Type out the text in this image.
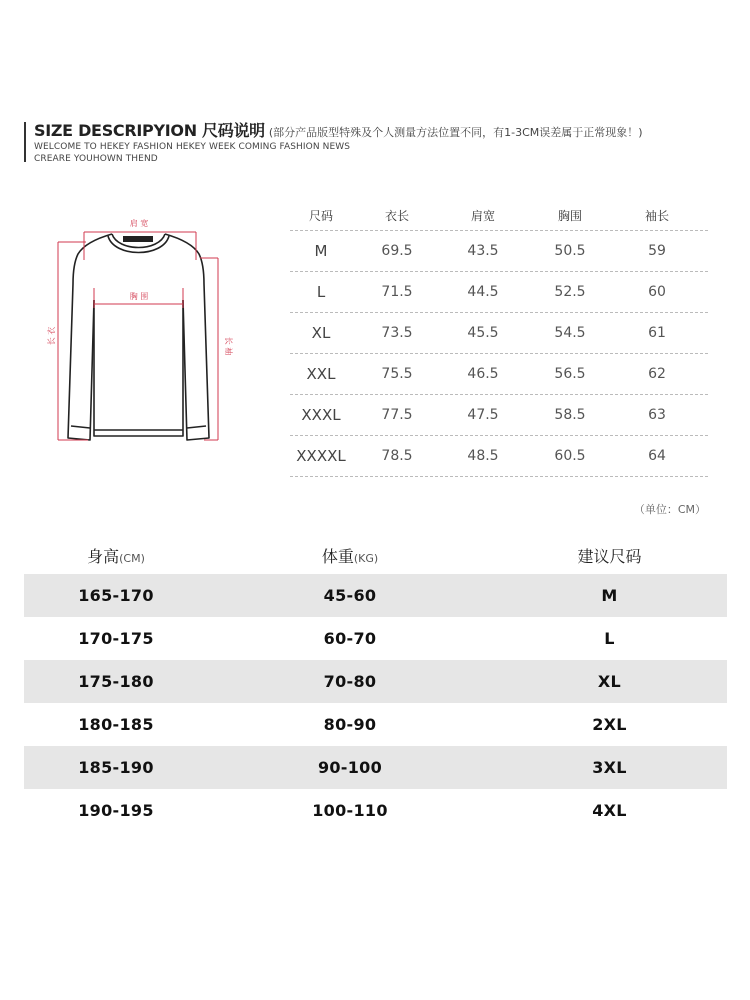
SIZE DESCRIPYION 尺码说明 (部分产品版型特殊及个人测量方法位置不同，有1-3CM误差属于正常现象！)
WELCOME TO HEKEY FASHION HEKEY WEEK COMING FASHION NEWS
CREARE YOUHOWN THEND
肩 宽
胸 围
长 衣
长 袖
尺码	衣长	肩宽	胸围	袖长
M	69.5	43.5	50.5	59
L	71.5	44.5	52.5	60
XL	73.5	45.5	54.5	61
XXL	75.5	46.5	56.5	62
XXXL	77.5	47.5	58.5	63
XXXXL	78.5	48.5	60.5	64
（单位：CM）
身高(CM)	体重(KG)	建议尺码
165-170	45-60	M
170-175	60-70	L
175-180	70-80	XL
180-185	80-90	2XL
185-190	90-100	3XL
190-195	100-110	4XL
